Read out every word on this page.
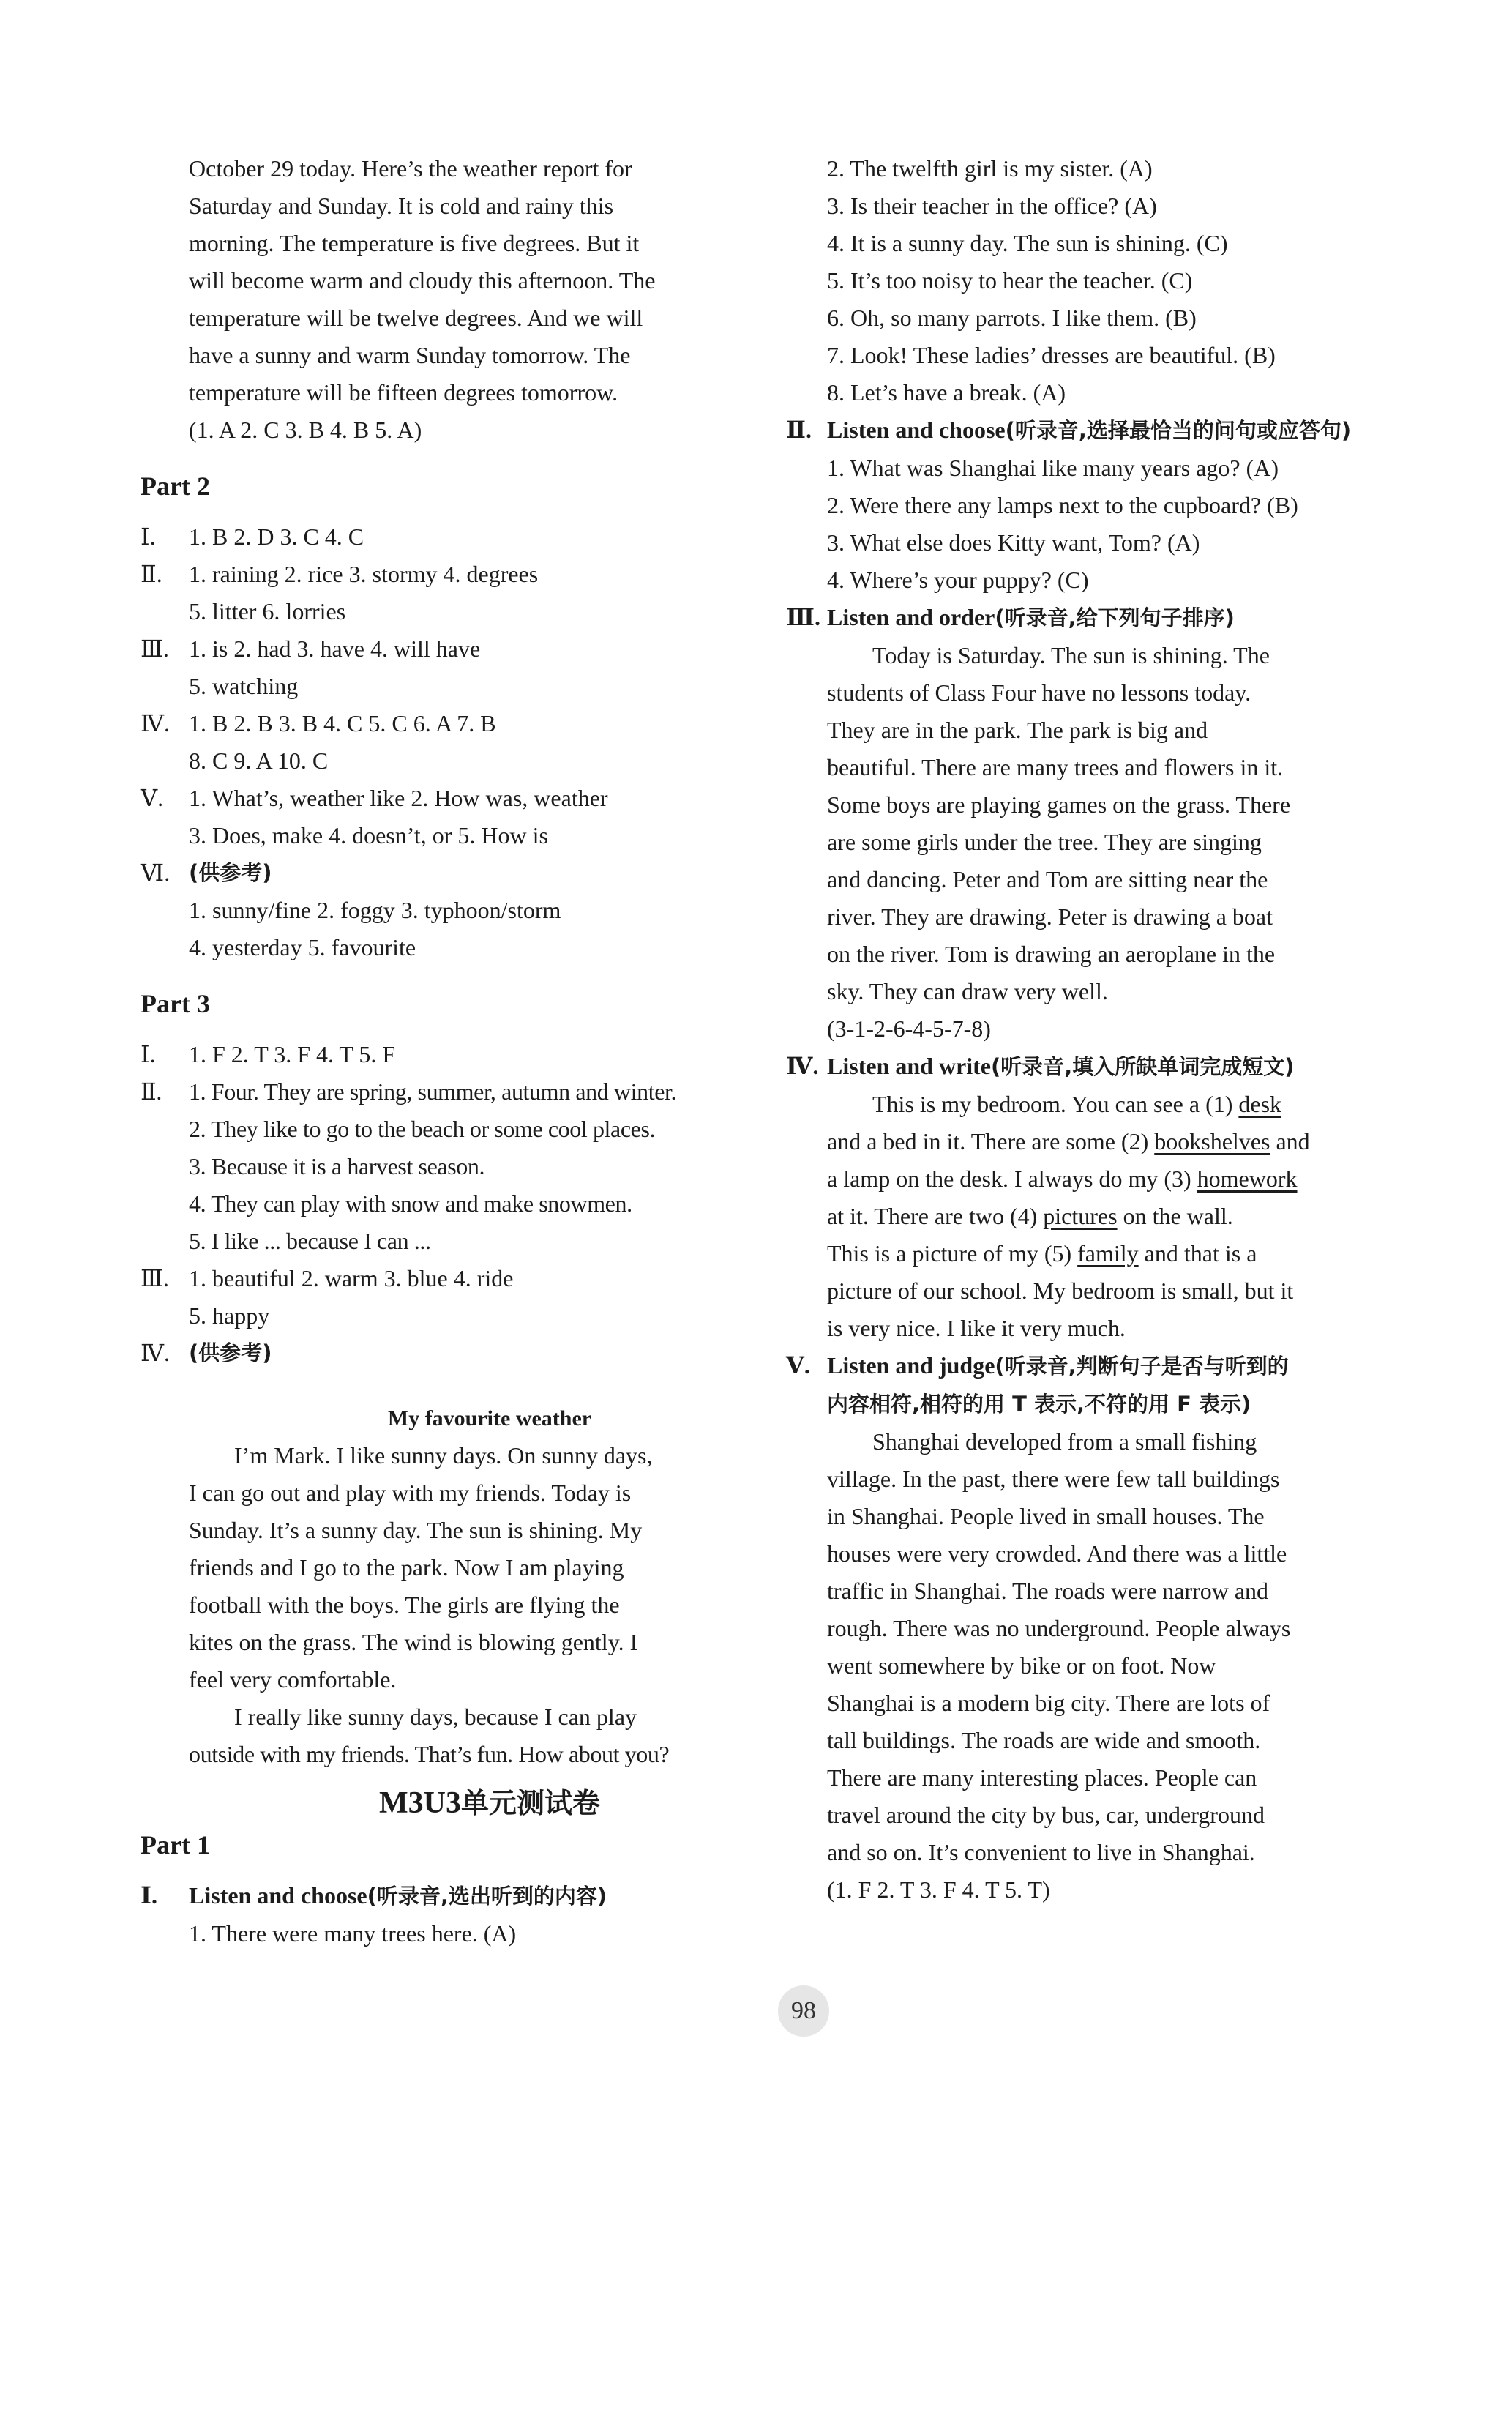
October 29 today. Here’s the weather report for

Saturday and Sunday. It is cold and rainy this

morning. The temperature is five degrees. But it

will become warm and cloudy this afternoon. The

temperature will be twelve degrees. And we will

have a sunny and warm Sunday tomorrow. The

temperature will be fifteen degrees tomorrow.

(1. A 2. C 3. B 4. B 5. A)

Part 2
Ⅰ. 1. B 2. D 3. C 4. C

Ⅱ. 1. raining 2. rice 3. stormy 4. degrees

5. litter 6. lorries

Ⅲ. 1. is 2. had 3. have 4. will have

5. watching

Ⅳ. 1. B 2. B 3. B 4. C 5. C 6. A 7. B

8. C 9. A 10. C

Ⅴ. 1. What’s, weather like 2. How was, weather

3. Does, make 4. doesn’t, or 5. How is

Ⅵ. (供参考)

1. sunny/fine 2. foggy 3. typhoon/storm

4. yesterday 5. favourite

Part 3
Ⅰ. 1. F 2. T 3. F 4. T 5. F

Ⅱ. 1. Four. They are spring, summer, autumn and winter.

2. They like to go to the beach or some cool places.

3. Because it is a harvest season.

4. They can play with snow and make snowmen.

5. I like ... because I can ...

Ⅲ. 1. beautiful 2. warm 3. blue 4. ride

5. happy

Ⅳ. (供参考)

My favourite weather

I’m Mark. I like sunny days. On sunny days,

I can go out and play with my friends. Today is

Sunday. It’s a sunny day. The sun is shining. My

friends and I go to the park. Now I am playing

football with the boys. The girls are flying the

kites on the grass. The wind is blowing gently. I

feel very comfortable.

I really like sunny days, because I can play

outside with my friends. That’s fun. How about you?

M3U3单元测试卷
Part 1
Ⅰ. Listen and choose(听录音,选出听到的内容)

1. There were many trees here. (A)

2. The twelfth girl is my sister. (A)

3. Is their teacher in the office? (A)

4. It is a sunny day. The sun is shining. (C)

5. It’s too noisy to hear the teacher. (C)

6. Oh, so many parrots. I like them. (B)

7. Look! These ladies’ dresses are beautiful. (B)

8. Let’s have a break. (A)

Ⅱ. Listen and choose(听录音,选择最恰当的问句或应答句)

1. What was Shanghai like many years ago? (A)

2. Were there any lamps next to the cupboard? (B)

3. What else does Kitty want, Tom? (A)

4. Where’s your puppy? (C)

Ⅲ. Listen and order(听录音,给下列句子排序)

Today is Saturday. The sun is shining. The

students of Class Four have no lessons today.

They are in the park. The park is big and

beautiful. There are many trees and flowers in it.

Some boys are playing games on the grass. There

are some girls under the tree. They are singing

and dancing. Peter and Tom are sitting near the

river. They are drawing. Peter is drawing a boat

on the river. Tom is drawing an aeroplane in the

sky. They can draw very well.

(3-1-2-6-4-5-7-8)

Ⅳ. Listen and write(听录音,填入所缺单词完成短文)

This is my bedroom. You can see a (1) desk

and a bed in it. There are some (2) bookshelves and

a lamp on the desk. I always do my (3) homework

at it. There are two (4) pictures on the wall.

This is a picture of my (5) family and that is a

picture of our school. My bedroom is small, but it

is very nice. I like it very much.

Ⅴ. Listen and judge(听录音,判断句子是否与听到的

内容相符,相符的用 T 表示,不符的用 F 表示)

Shanghai developed from a small fishing

village. In the past, there were few tall buildings

in Shanghai. People lived in small houses. The

houses were very crowded. And there was a little

traffic in Shanghai. The roads were narrow and

rough. There was no underground. People always

went somewhere by bike or on foot. Now

Shanghai is a modern big city. There are lots of

tall buildings. The roads are wide and smooth.

There are many interesting places. People can

travel around the city by bus, car, underground

and so on. It’s convenient to live in Shanghai.

(1. F 2. T 3. F 4. T 5. T)

98
